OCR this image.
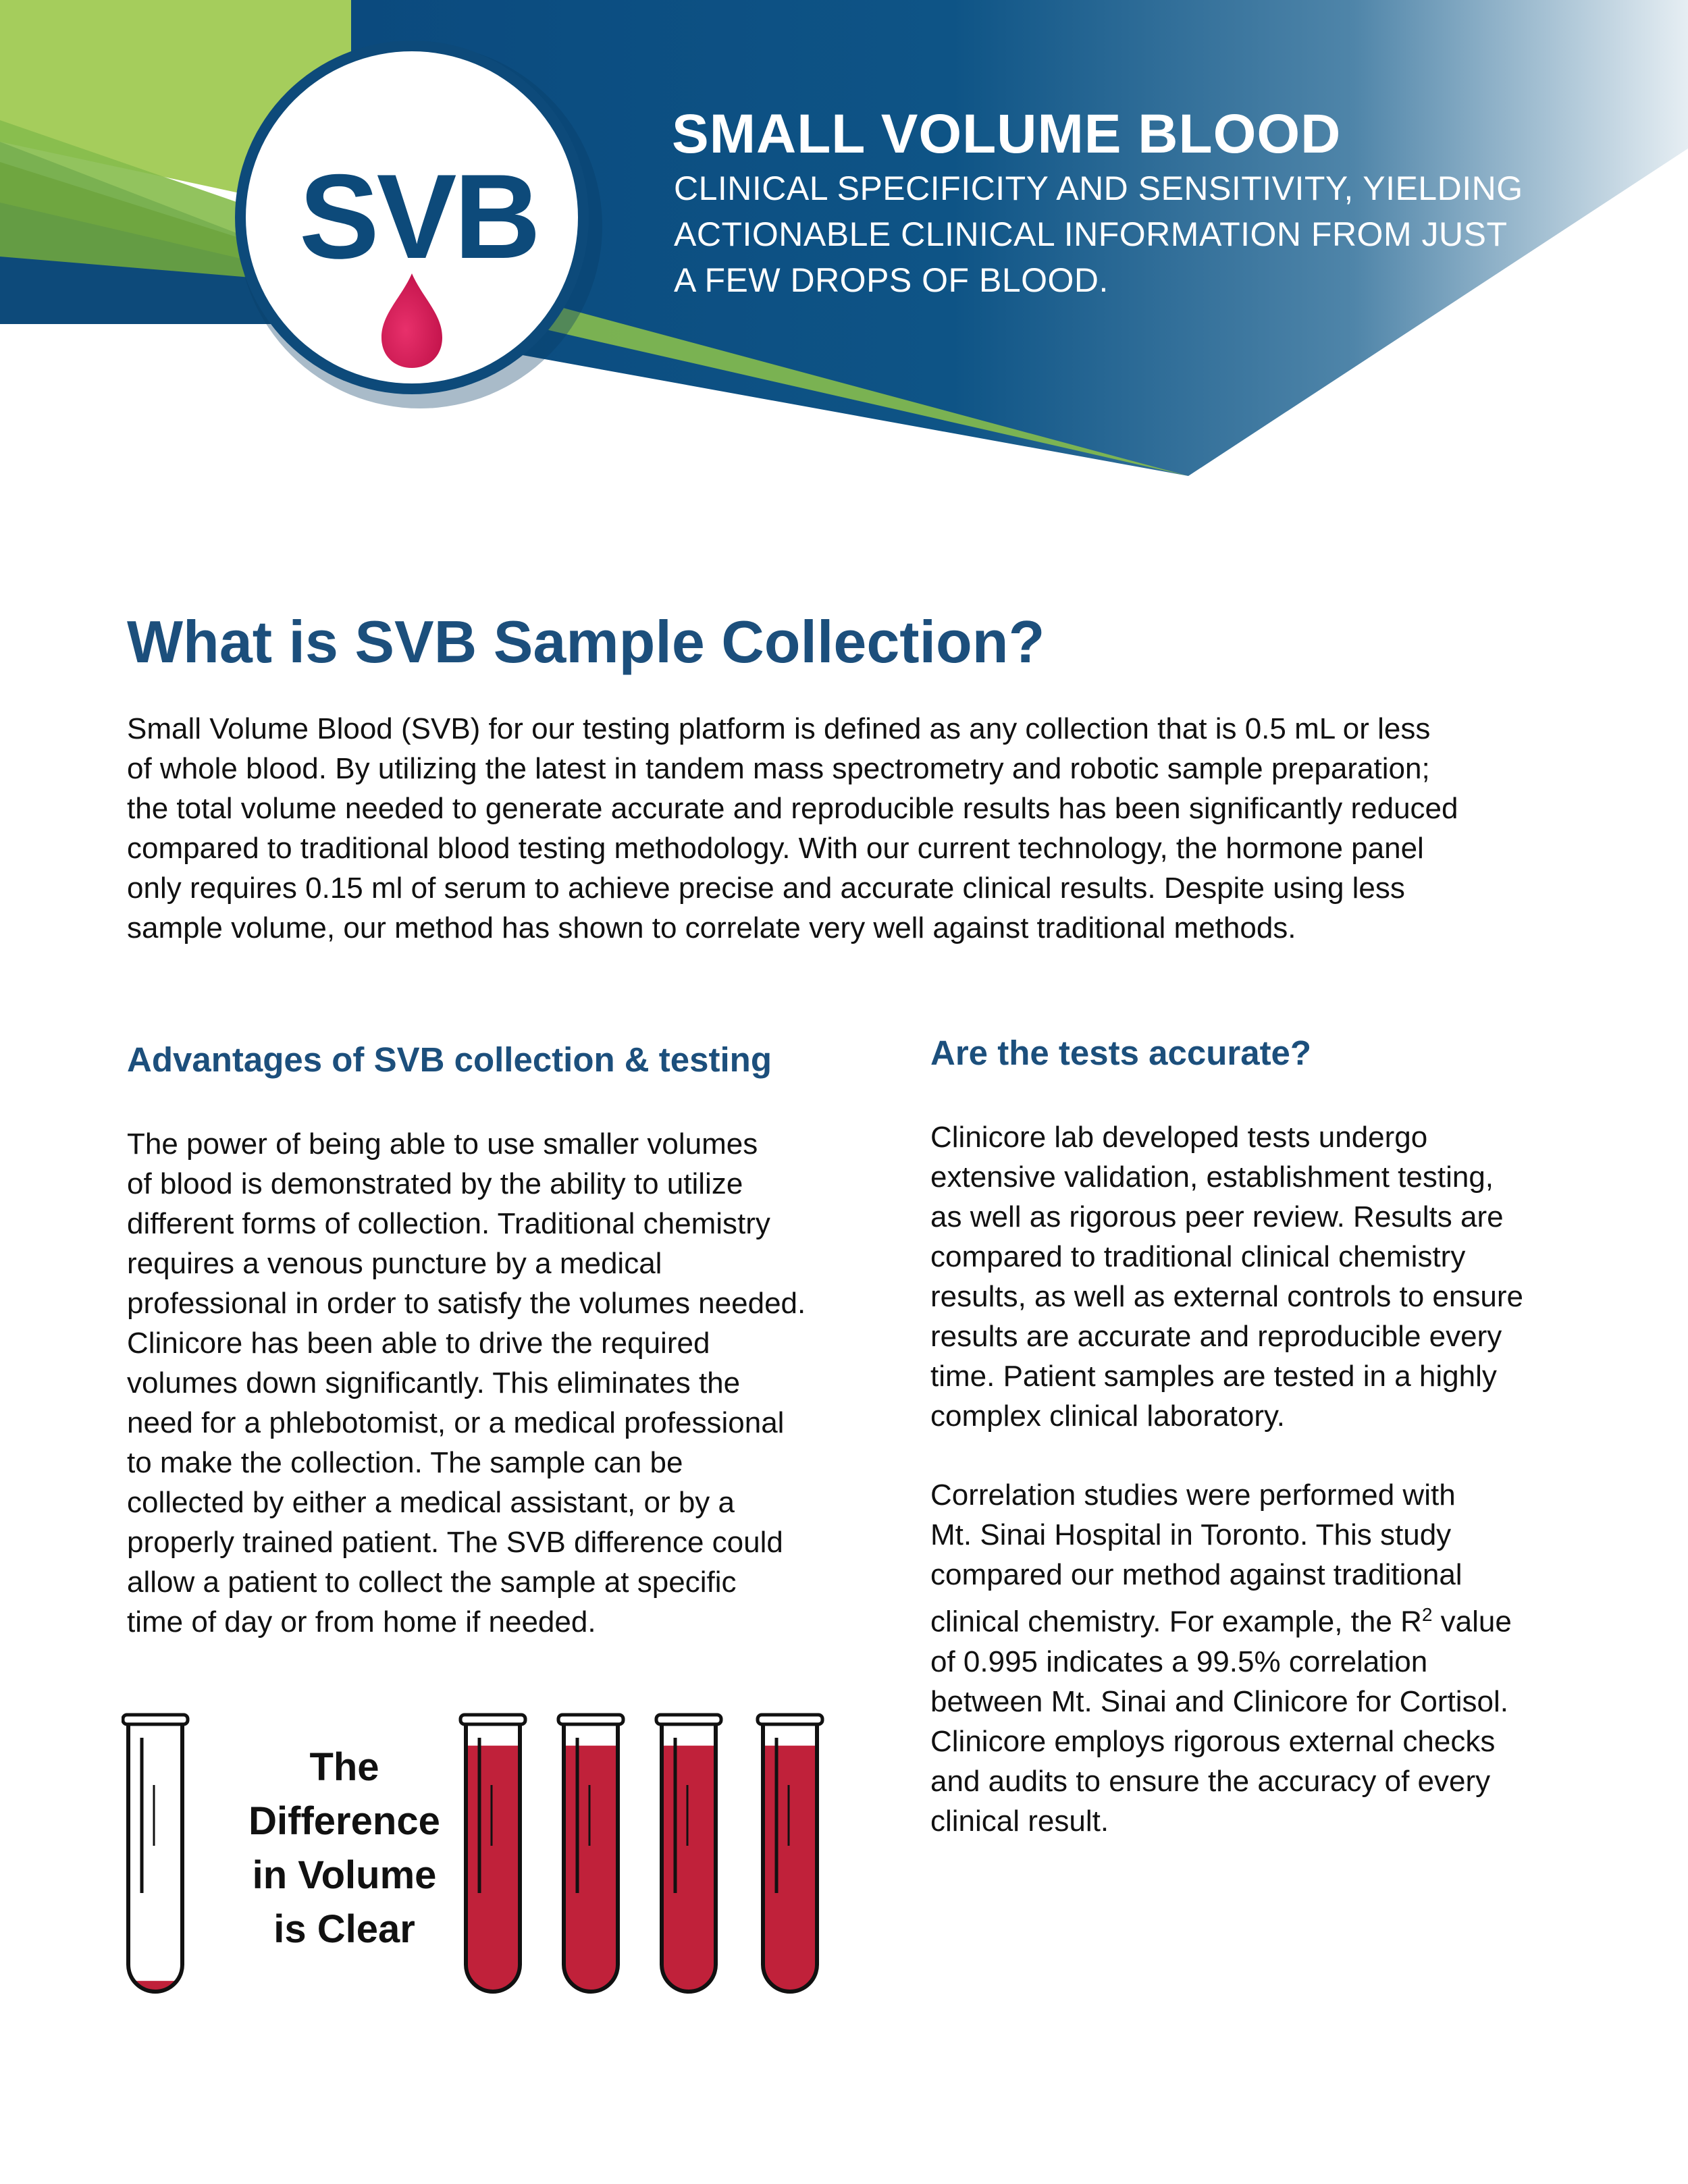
SVB
SMALL VOLUME BLOOD
CLINICAL SPECIFICITY AND SENSITIVITY, YIELDING
ACTIONABLE CLINICAL INFORMATION FROM JUST
A FEW DROPS OF BLOOD.
What is SVB Sample Collection?
Small Volume Blood (SVB) for our testing platform is defined as any collection that is 0.5 mL or less
of whole blood. By utilizing the latest in tandem mass spectrometry and robotic sample preparation;
the total volume needed to generate accurate and reproducible results has been significantly reduced
compared to traditional blood testing methodology. With our current technology, the hormone panel
only requires 0.15 ml of serum to achieve precise and accurate clinical results. Despite using less
sample volume, our method has shown to correlate very well against traditional methods.
Advantages of SVB collection & testing
The power of being able to use smaller volumes
of blood is demonstrated by the ability to utilize
different forms of collection. Traditional chemistry
requires a venous puncture by a medical
professional in order to satisfy the volumes needed.
Clinicore has been able to drive the required
volumes down significantly. This eliminates the
need for a phlebotomist, or a medical professional
to make the collection. The sample can be
collected by either a medical assistant, or by a
properly trained patient. The SVB difference could
allow a patient to collect the sample at specific
time of day or from home if needed.
Are the tests accurate?
Clinicore lab developed tests undergo
extensive validation, establishment testing,
as well as rigorous peer review. Results are
compared to traditional clinical chemistry
results, as well as external controls to ensure
results are accurate and reproducible every
time. Patient samples are tested in a highly
complex clinical laboratory.
Correlation studies were performed with
Mt. Sinai Hospital in Toronto. This study
compared our method against traditional
clinical chemistry. For example, the $R^2$ value
of 0.995 indicates a 99.5% correlation
between Mt. Sinai and Clinicore for Cortisol.
Clinicore employs rigorous external checks
and audits to ensure the accuracy of every
clinical result.
The
Difference
in Volume
is Clear
